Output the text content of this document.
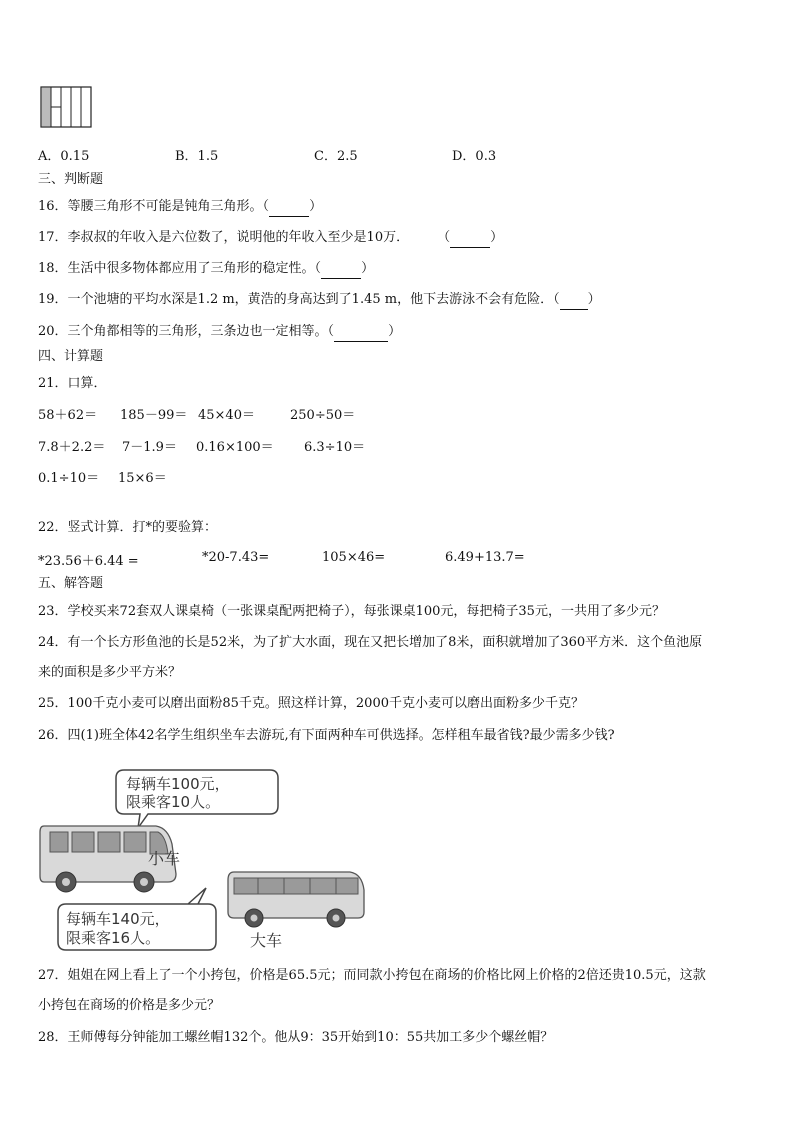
A．0.15	B．1.5	C．2.5	D．0.3
三、判断题
16．等腰三角形不可能是钝角三角形。（	）
17．李叔叔的年收入是六位数了，说明他的年收入至少是10万． （	）
18．生活中很多物体都应用了三角形的稳定性。（	）
19．一个池塘的平均水深是1.2 m，黄浩的身高达到了1.45 m，他下去游泳不会有危险．（ ）
20．三个角都相等的三角形，三条边也一定相等。（	）
四、计算题
21．口算．
58＋62＝ 185－99＝ 45×40＝	250÷50＝
7.8＋2.2＝ 7－1.9＝ 0.16×100＝ 6.3÷10＝
0.1÷10＝ 15×6＝
22．竖式计算．打*的要验算：
*23.56＋6.44 =	*20-7.43=	105×46=	6.49+13.7=
五、解答题
23．学校买来72套双人课桌椅（一张课桌配两把椅子），每张课桌100元，每把椅子35元，一共用了多少元？
24．有一个长方形鱼池的长是52米，为了扩大水面，现在又把长增加了8米，面积就增加了360平方米．这个鱼池原
来的面积是多少平方米？
25．100千克小麦可以磨出面粉85千克。照这样计算，2000千克小麦可以磨出面粉多少千克？
26．四(1)班全体42名学生组织坐车去游玩,有下面两种车可供选择。怎样租车最省钱?最少需多少钱?
每辆车100元，
限乘客10人。
小车
每辆车140元，
限乘客16人。	大车
27．姐姐在网上看上了一个小挎包，价格是65.5元；而同款小挎包在商场的价格比网上价格的2倍还贵10.5元，这款
小挎包在商场的价格是多少元？
28．王师傅每分钟能加工螺丝帽132个。他从9：35开始到10：55共加工多少个螺丝帽？
